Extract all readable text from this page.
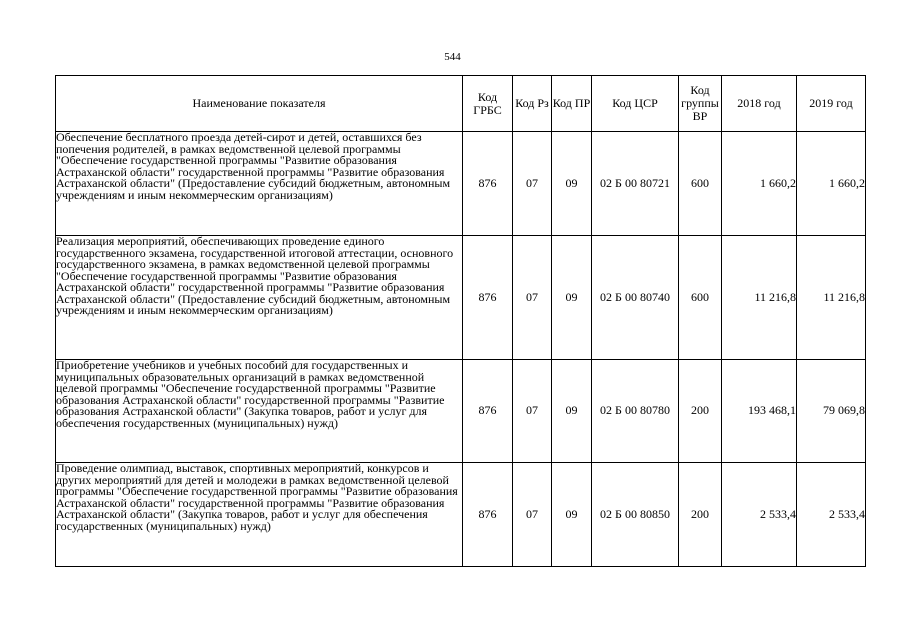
544
Наименование показателя	Код ГРБС	Код Рз	Код ПР	Код ЦСР	Код группы ВР	2018 год	2019 год
Обеспечение бесплатного проезда детей-сирот и детей, оставшихся без попечения родителей, в рамках ведомственной целевой программы "Обеспечение государственной программы "Развитие образования Астраханской области" государственной программы "Развитие образования Астраханской области" (Предоставление субсидий бюджетным, автономным учреждениям и иным некоммерческим организациям)	876	07	09	02 Б 00 80721	600	1 660,2	1 660,2
Реализация мероприятий, обеспечивающих проведение единого государственного экзамена, государственной итоговой аттестации, основного государственного экзамена, в рамках ведомственной целевой программы "Обеспечение государственной программы "Развитие образования Астраханской области" государственной программы "Развитие образования Астраханской области" (Предоставление субсидий бюджетным, автономным учреждениям и иным некоммерческим организациям)	876	07	09	02 Б 00 80740	600	11 216,8	11 216,8
Приобретение учебников и учебных пособий для государственных и муниципальных образовательных организаций в рамках ведомственной целевой программы "Обеспечение государственной программы "Развитие образования Астраханской области" государственной программы "Развитие образования Астраханской области" (Закупка товаров, работ и услуг для обеспечения государственных (муниципальных) нужд)	876	07	09	02 Б 00 80780	200	193 468,1	79 069,8
Проведение олимпиад, выставок, спортивных мероприятий, конкурсов и других мероприятий для детей и молодежи в рамках ведомственной целевой программы "Обеспечение государственной программы "Развитие образования Астраханской области" государственной программы "Развитие образования Астраханской области" (Закупка товаров, работ и услуг для обеспечения государственных (муниципальных) нужд)	876	07	09	02 Б 00 80850	200	2 533,4	2 533,4
